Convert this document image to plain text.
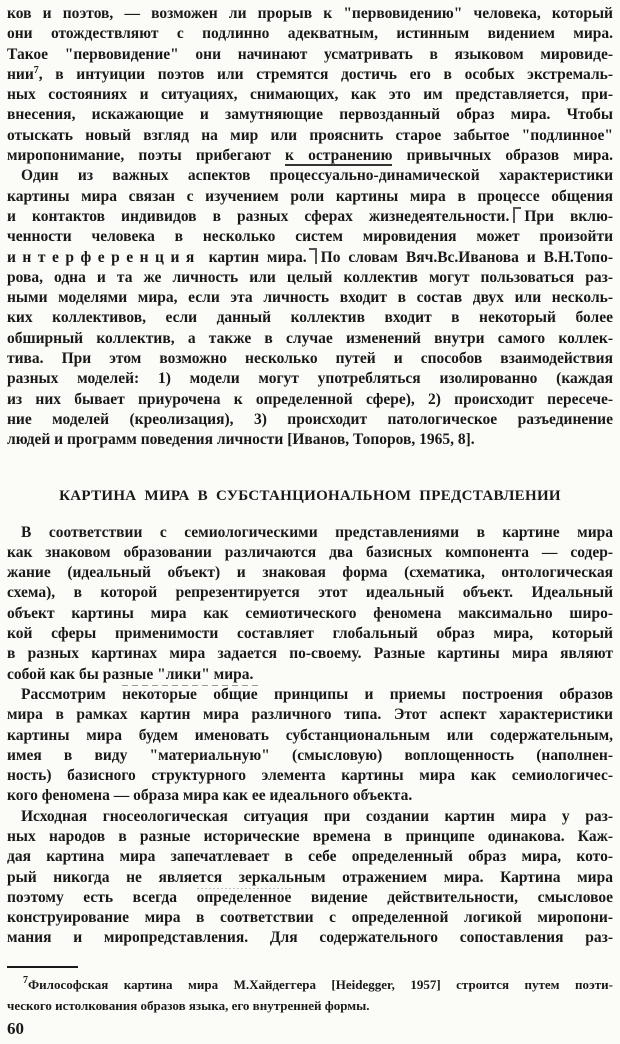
ков и поэтов, — возможен ли прорыв к "первовидению" человека, который
они отождествляют с подлинно адекватным, истинным видением мира.
Такое "первовидение" они начинают усматривать в языковом мировиде-
нии$^7$, в интуиции поэтов или стремятся достичь его в особых экстремаль-
ных состояниях и ситуациях, снимающих, как это им представляется, при-
внесения, искажающие и замутняющие первозданный образ мира. Чтобы
отыскать новый взгляд на мир или прояснить старое забытое "подлинное"
миропонимание, поэты прибегают к остранению привычных образов мира.
Один из важных аспектов процессуально-динамической характеристики
картины мира связан с изучением роли картины мира в процессе общения
и контактов индивидов в разных сферах жизнедеятельности. При вклю-
ченности человека в несколько систем мировидения может произойти
интерференция картин мира. По словам Вяч.Вс.Иванова и В.Н.Топо-
рова, одна и та же личность или целый коллектив могут пользоваться раз-
ными моделями мира, если эта личность входит в состав двух или несколь-
ких коллективов, если данный коллектив входит в некоторый более
обширный коллектив, а также в случае изменений внутри самого коллек-
тива. При этом возможно несколько путей и способов взаимодействия
разных моделей: 1) модели могут употребляться изолированно (каждая
из них бывает приурочена к определенной сфере), 2) происходит пересече-
ние моделей (креолизация), 3) происходит патологическое разъединение
людей и программ поведения личности [Иванов, Топоров, 1965, 8].
КАРТИНА МИРА В СУБСТАНЦИОНАЛЬНОМ ПРЕДСТАВЛЕНИИ
В соответствии с семиологическими представлениями в картине мира
как знаковом образовании различаются два базисных компонента — содер-
жание (идеальный объект) и знаковая форма (схематика, онтологическая
схема), в которой репрезентируется этот идеальный объект. Идеальный
объект картины мира как семиотического феномена максимально широ-
кой сферы применимости составляет глобальный образ мира, который
в разных картинах мира задается по-своему. Разные картины мира являют
собой как бы разные "лики" мира.
Рассмотрим некоторые общие принципы и приемы построения образов
мира в рамках картин мира различного типа. Этот аспект характеристики
картины мира будем именовать субстанциональным или содержательным,
имея в виду "материальную" (смысловую) воплощенность (наполнен-
ность) базисного структурного элемента картины мира как семиологичес-
кого феномена — образа мира как ее идеального объекта.
Исходная гносеологическая ситуация при создании картин мира у раз-
ных народов в разные исторические времена в принципе одинакова. Каж-
дая картина мира запечатлевает в себе определенный образ мира, кото-
рый никогда не является зеркальным отражением мира. Картина мира
поэтому есть всегда определенное видение действительности, смысловое
конструирование мира в соответствии с определенной логикой миропони-
мания и миропредставления. Для содержательного сопоставления раз-
$^7$Философская картина мира М.Хайдеггера [Heidegger, 1957] строится путем поэти-
ческого истолкования образов языка, его внутренней формы.
60
